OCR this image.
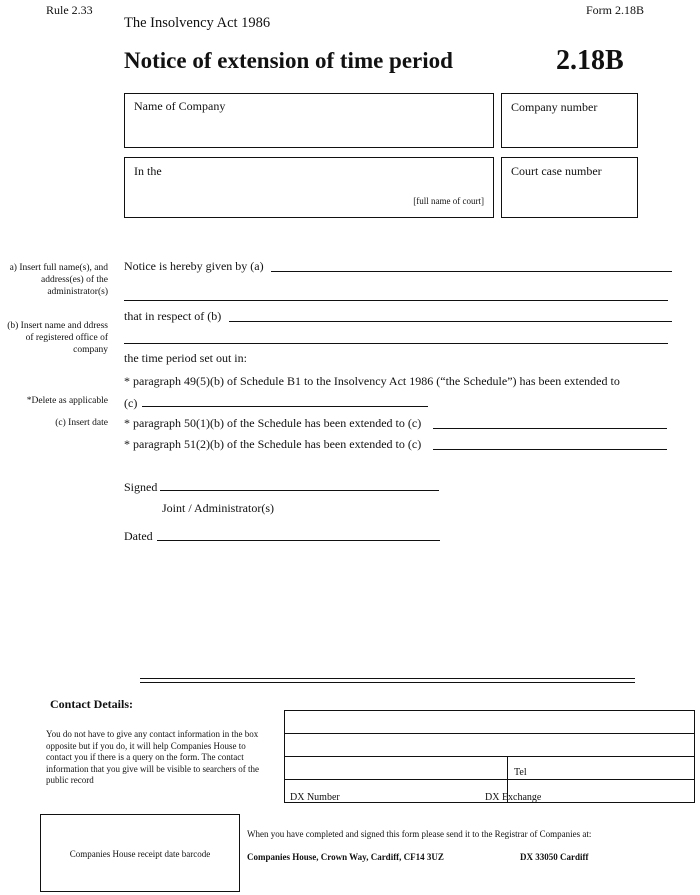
Rule 2.33	Form 2.18B
The Insolvency Act 1986
Notice of extension of time period	2.18B
Name of Company	Company number
In the
[full name of court]
Court case number
a) Insert full name(s), and address(es) of the administrator(s)
(b) Insert name and ddress of registered office of company
*Delete as applicable
(c) Insert date
Notice is hereby given by (a)
that in respect of (b)
the time period set out in:
* paragraph 49(5)(b) of Schedule B1 to the Insolvency Act 1986 (“the Schedule”) has been extended to
(c)
* paragraph 50(1)(b) of the Schedule has been extended to (c)
* paragraph 51(2)(b) of the Schedule has been extended to (c)
Signed
Joint / Administrator(s)
Dated
Contact Details:
You do not have to give any contact information in the box opposite but if you do, it will help Companies House to contact you if there is a query on the form. The contact information that you give will be visible to searchers of the public record
Tel
DX Number	DX Exchange
Companies House receipt date barcode
When you have completed and signed this form please send it to the Registrar of Companies at:
Companies House, Crown Way, Cardiff, CF14 3UZ	DX 33050 Cardiff
